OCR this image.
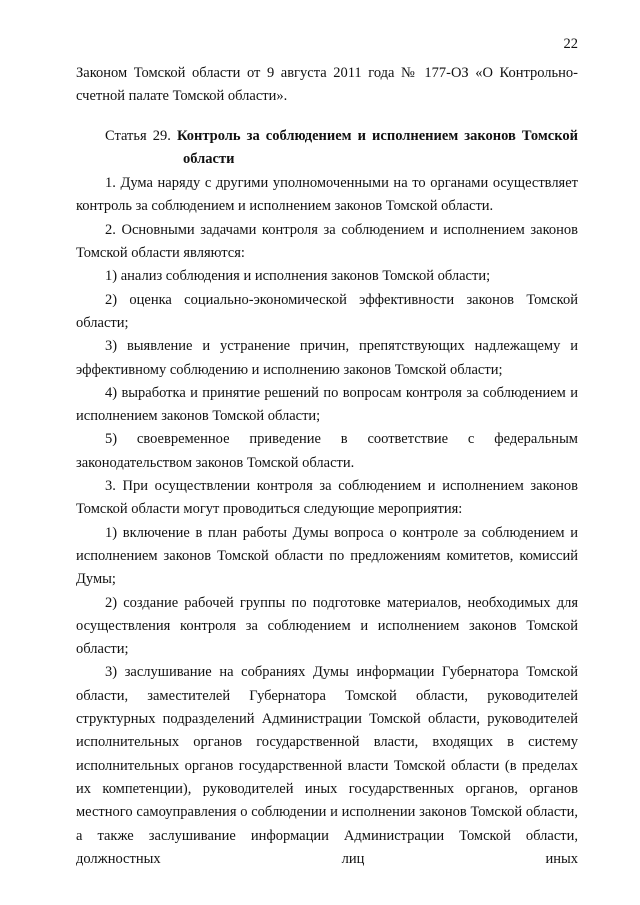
22

Законом Томской области от 9 августа 2011 года № 177-ОЗ «О Контрольно-
счетной палате Томской области».

Статья 29. Контроль за соблюдением и исполнением законов Томской
области

1. Дума наряду с другими уполномоченными на то органами осуществляет контроль за соблюдением и исполнением законов Томской области.

2. Основными задачами контроля за соблюдением и исполнением законов Томской области являются:

1) анализ соблюдения и исполнения законов Томской области;

2) оценка социально-экономической эффективности законов Томской области;

3) выявление и устранение причин, препятствующих надлежащему и эффективному соблюдению и исполнению законов Томской области;

4) выработка и принятие решений по вопросам контроля за соблюдением и исполнением законов Томской области;

5) своевременное приведение в соответствие с федеральным законодательством законов Томской области.

3. При осуществлении контроля за соблюдением и исполнением законов Томской области могут проводиться следующие мероприятия:

1) включение в план работы Думы вопроса о контроле за соблюдением и исполнением законов Томской области по предложениям комитетов, комиссий Думы;

2) создание рабочей группы по подготовке материалов, необходимых для осуществления контроля за соблюдением и исполнением законов Томской области;

3) заслушивание на собраниях Думы информации Губернатора Томской области, заместителей Губернатора Томской области, руководителей структурных подразделений Администрации Томской области, руководителей исполнительных органов государственной власти, входящих в систему исполнительных органов государственной власти Томской области (в пределах их компетенции), руководителей иных государственных органов, органов местного самоуправления о соблюдении и исполнении законов Томской области, а также заслушивание информации Администрации Томской области, должностных лиц иных
